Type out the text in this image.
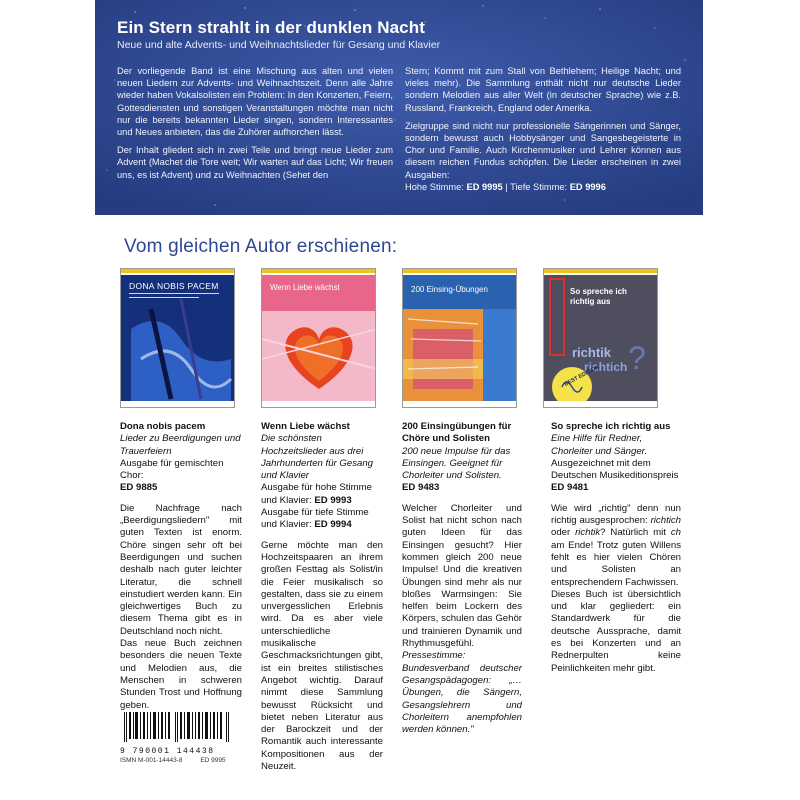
Ein Stern strahlt in der dunklen Nacht
Neue und alte Advents- und Weihnachtslieder für Gesang und Klavier

Der vorliegende Band ist eine Mischung aus alten und vielen neuen Liedern zur Advents- und Weihnachtszeit. Denn alle Jahre wieder haben Vokalsolisten ein Problem: In den Konzerten, Feiern, Gottesdiensten und sonstigen Veranstaltungen möchte man nicht nur die bereits bekannten Lieder singen, sondern Interessantes und Neues anbieten, das die Zuhörer aufhorchen lässt.

Der Inhalt gliedert sich in zwei Teile und bringt neue Lieder zum Advent (Machet die Tore weit; Wir warten auf das Licht; Wir freuen uns, es ist Advent) und zu Weihnachten (Sehet den

Stern; Kommt mit zum Stall von Bethlehem; Heilige Nacht; und vieles mehr). Die Sammlung enthält nicht nur deutsche Lieder sondern Melodien aus aller Welt (in deutscher Sprache) wie z.B. Russland, Frankreich, England oder Amerika.

Zielgruppe sind nicht nur professionelle Sängerinnen und Sänger, sondern bewusst auch Hobbysänger und Sangesbegeisterte in Chor und Familie. Auch Kirchenmusiker und Lehrer können aus diesem reichen Fundus schöpfen. Die Lieder erscheinen in zwei Ausgaben:
Hohe Stimme: ED 9995 | Tiefe Stimme: ED 9996

Vom gleichen Autor erschienen:
DONA NOBIS PACEM	Wenn Liebe wächst	200 Einsing-Übungen
richtik
richtich ?
So spreche ich richtig aus
BEST EDITION
Dona nobis pacem
Lieder zu Beerdigungen und Trauerfeiern
Ausgabe für gemischten Chor:
ED 9885

Die Nachfrage nach „Beerdigungsliedern" mit guten Texten ist enorm. Chöre singen sehr oft bei Beerdigungen und suchen deshalb nach guter leichter Literatur, die schnell einstudiert werden kann. Ein gleichwertiges Buch zu diesem Thema gibt es in Deutschland noch nicht.

Das neue Buch zeichnen besonders die neuen Texte und Melodien aus, die Menschen in schweren Stunden Trost und Hoffnung geben.

Wenn Liebe wächst
Die schönsten Hochzeitslieder aus drei Jahrhunderten für Gesang und Klavier
Ausgabe für hohe Stimme und Klavier: ED 9993
Ausgabe für tiefe Stimme und Klavier: ED 9994

Gerne möchte man den Hochzeitspaaren an ihrem großen Festtag als Solist/in die Feier musikalisch so gestalten, dass sie zu einem unvergesslichen Erlebnis wird. Da es aber viele unterschiedliche musikalische Geschmacksrichtungen gibt, ist ein breites stilistisches Angebot wichtig. Darauf nimmt diese Sammlung bewusst Rücksicht und bietet neben Literatur aus der Barockzeit und der Romantik auch interessante Kompositionen aus der Neuzeit.

200 Einsingübungen für Chöre und Solisten
200 neue Impulse für das Einsingen. Geeignet für Chorleiter und Solisten.
ED 9483

Welcher Chorleiter und Solist hat nicht schon nach guten Ideen für das Einsingen gesucht? Hier kommen gleich 200 neue Impulse! Und die kreativen Übungen sind mehr als nur bloßes Warmsingen: Sie helfen beim Lockern des Körpers, schulen das Gehör und trainieren Dynamik und Rhythmusgefühl.

Pressestimme:

Bundesverband deutscher Gesangspädagogen: „…Übungen, die Sängern, Gesangslehrern und Chorleitern anempfohlen werden können."

So spreche ich richtig aus
Eine Hilfe für Redner, Chorleiter und Sänger.
Ausgezeichnet mit dem Deutschen Musikeditionspreis
ED 9481

Wie wird „richtig" denn nun richtig ausgesprochen: richtich oder richtik? Natürlich mit ch am Ende! Trotz guten Willens fehlt es hier vielen Chören und Solisten an entsprechendem Fachwissen.

Dieses Buch ist übersichtlich und klar gegliedert: ein Standardwerk für die deutsche Aussprache, damit es bei Konzerten und an Rednerpulten keine Peinlichkeiten mehr gibt.

9 790001 144438
ISMN M-001-14443-8	ED 9995
